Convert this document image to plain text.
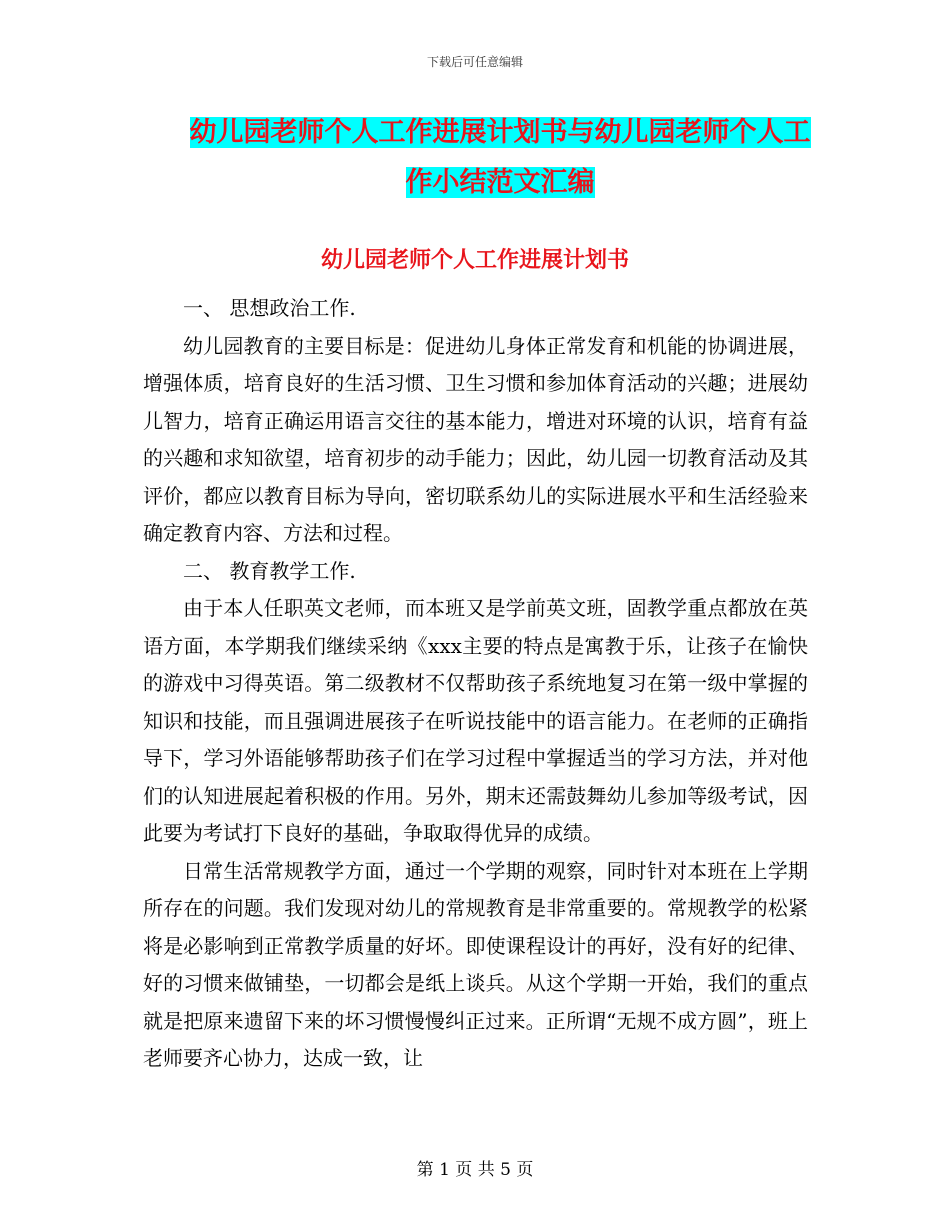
下载后可任意编辑
幼儿园老师个人工作进展计划书与幼儿园老师个人工
作小结范文汇编
幼儿园老师个人工作进展计划书

一、 思想政治工作.

幼儿园教育的主要目标是：促进幼儿身体正常发育和机能的协调进展，增强体质，培育良好的生活习惯、卫生习惯和参加体育活动的兴趣；进展幼儿智力，培育正确运用语言交往的基本能力，增进对环境的认识，培育有益的兴趣和求知欲望，培育初步的动手能力；因此，幼儿园一切教育活动及其评价，都应以教育目标为导向，密切联系幼儿的实际进展水平和生活经验来确定教育内容、方法和过程。

二、 教育教学工作.

由于本人任职英文老师，而本班又是学前英文班，固教学重点都放在英语方面，本学期我们继续采纳《xxx主要的特点是寓教于乐，让孩子在愉快的游戏中习得英语。第二级教材不仅帮助孩子系统地复习在第一级中掌握的知识和技能，而且强调进展孩子在听说技能中的语言能力。在老师的正确指导下，学习外语能够帮助孩子们在学习过程中掌握适当的学习方法，并对他们的认知进展起着积极的作用。另外，期末还需鼓舞幼儿参加等级考试，因此要为考试打下良好的基础，争取取得优异的成绩。

日常生活常规教学方面，通过一个学期的观察，同时针对本班在上学期所存在的问题。我们发现对幼儿的常规教育是非常重要的。常规教学的松紧将是必影响到正常教学质量的好坏。即使课程设计的再好，没有好的纪律、好的习惯来做铺垫，一切都会是纸上谈兵。从这个学期一开始，我们的重点就是把原来遗留下来的坏习惯慢慢纠正过来。正所谓“无规不成方圆”，班上老师要齐心协力，达成一致，让

第 1 页 共 5 页
